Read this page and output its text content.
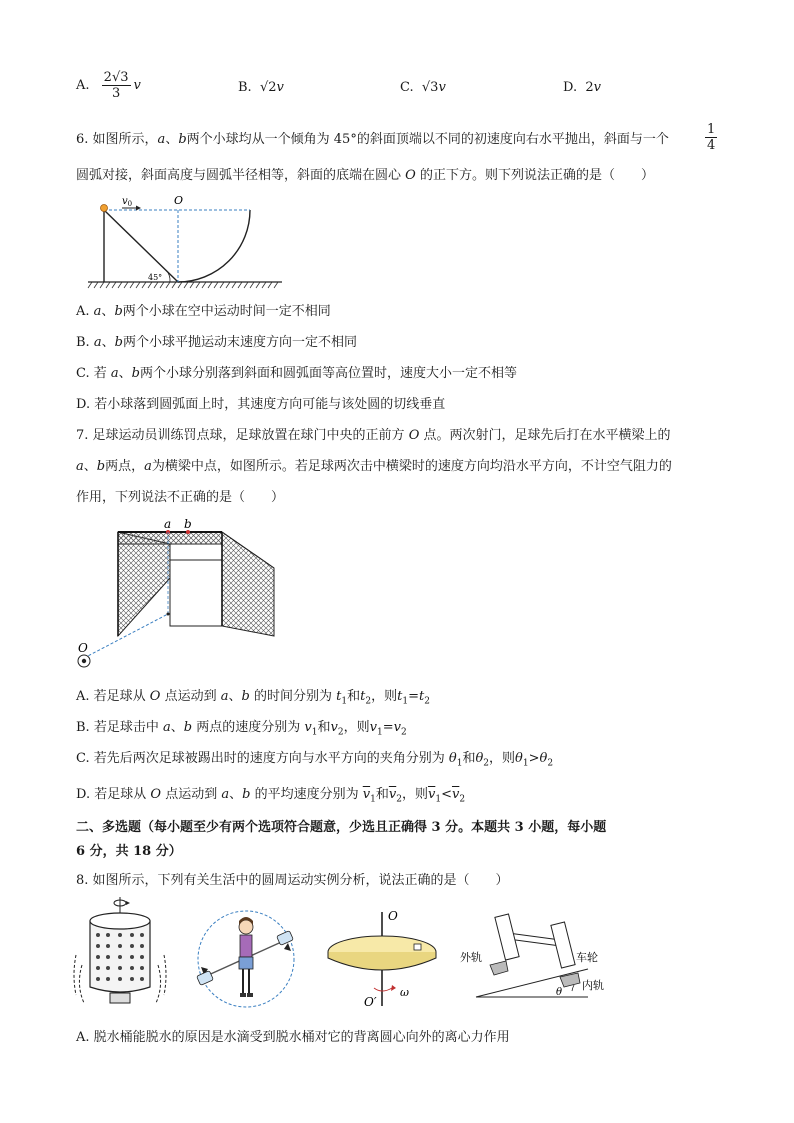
A. $\frac{2√3}{3}$ v	B. √2v	C. √3v	D. 2v
6. 如图所示，a、b两个小球均从一个倾角为 45°的斜面顶端以不同的初速度向右水平抛出，斜面与一个	$\frac{1}{4}$
圆弧对接，斜面高度与圆弧半径相等，斜面的底端在圆心 O 的正下方。则下列说法正确的是（　　）
$v_0$	O
45°
A. a、b两个小球在空中运动时间一定不相同
B. a、b两个小球平抛运动末速度方向一定不相同
C. 若 a、b两个小球分别落到斜面和圆弧面等高位置时，速度大小一定不相等
D. 若小球落到圆弧面上时，其速度方向可能与该处圆的切线垂直
7. 足球运动员训练罚点球，足球放置在球门中央的正前方 O 点。两次射门，足球先后打在水平横梁上的
a、b两点，a为横梁中点，如图所示。若足球两次击中横梁时的速度方向均沿水平方向，不计空气阻力的
作用，下列说法不正确的是（　　）
a b
O
A. 若足球从 O 点运动到 a、b 的时间分别为 $t_1$和$t_2$，则$t_1=t_2$
B. 若足球击中 a、b 两点的速度分别为 $v_1$和$v_2$，则$v_1=v_2$
C. 若先后两次足球被踢出时的速度方向与水平方向的夹角分别为 $\theta_1$和$\theta_2$，则$\theta_1>\theta_2$
D. 若足球从 O 点运动到 a、b 的平均速度分别为 $\overline{v}_1$和$\overline{v}_2$，则$\overline{v}_1<\overline{v}_2$
二、多选题（每小题至少有两个选项符合题意，少选且正确得 3 分。本题共 3 小题，每小题
6 分，共 18 分）
8. 如图所示，下列有关生活中的圆周运动实例分析，说法正确的是（　　）
O
O′
ω
外轨	车轮
内轨
θ
A. 脱水桶能脱水的原因是水滴受到脱水桶对它的背离圆心向外的离心力作用
